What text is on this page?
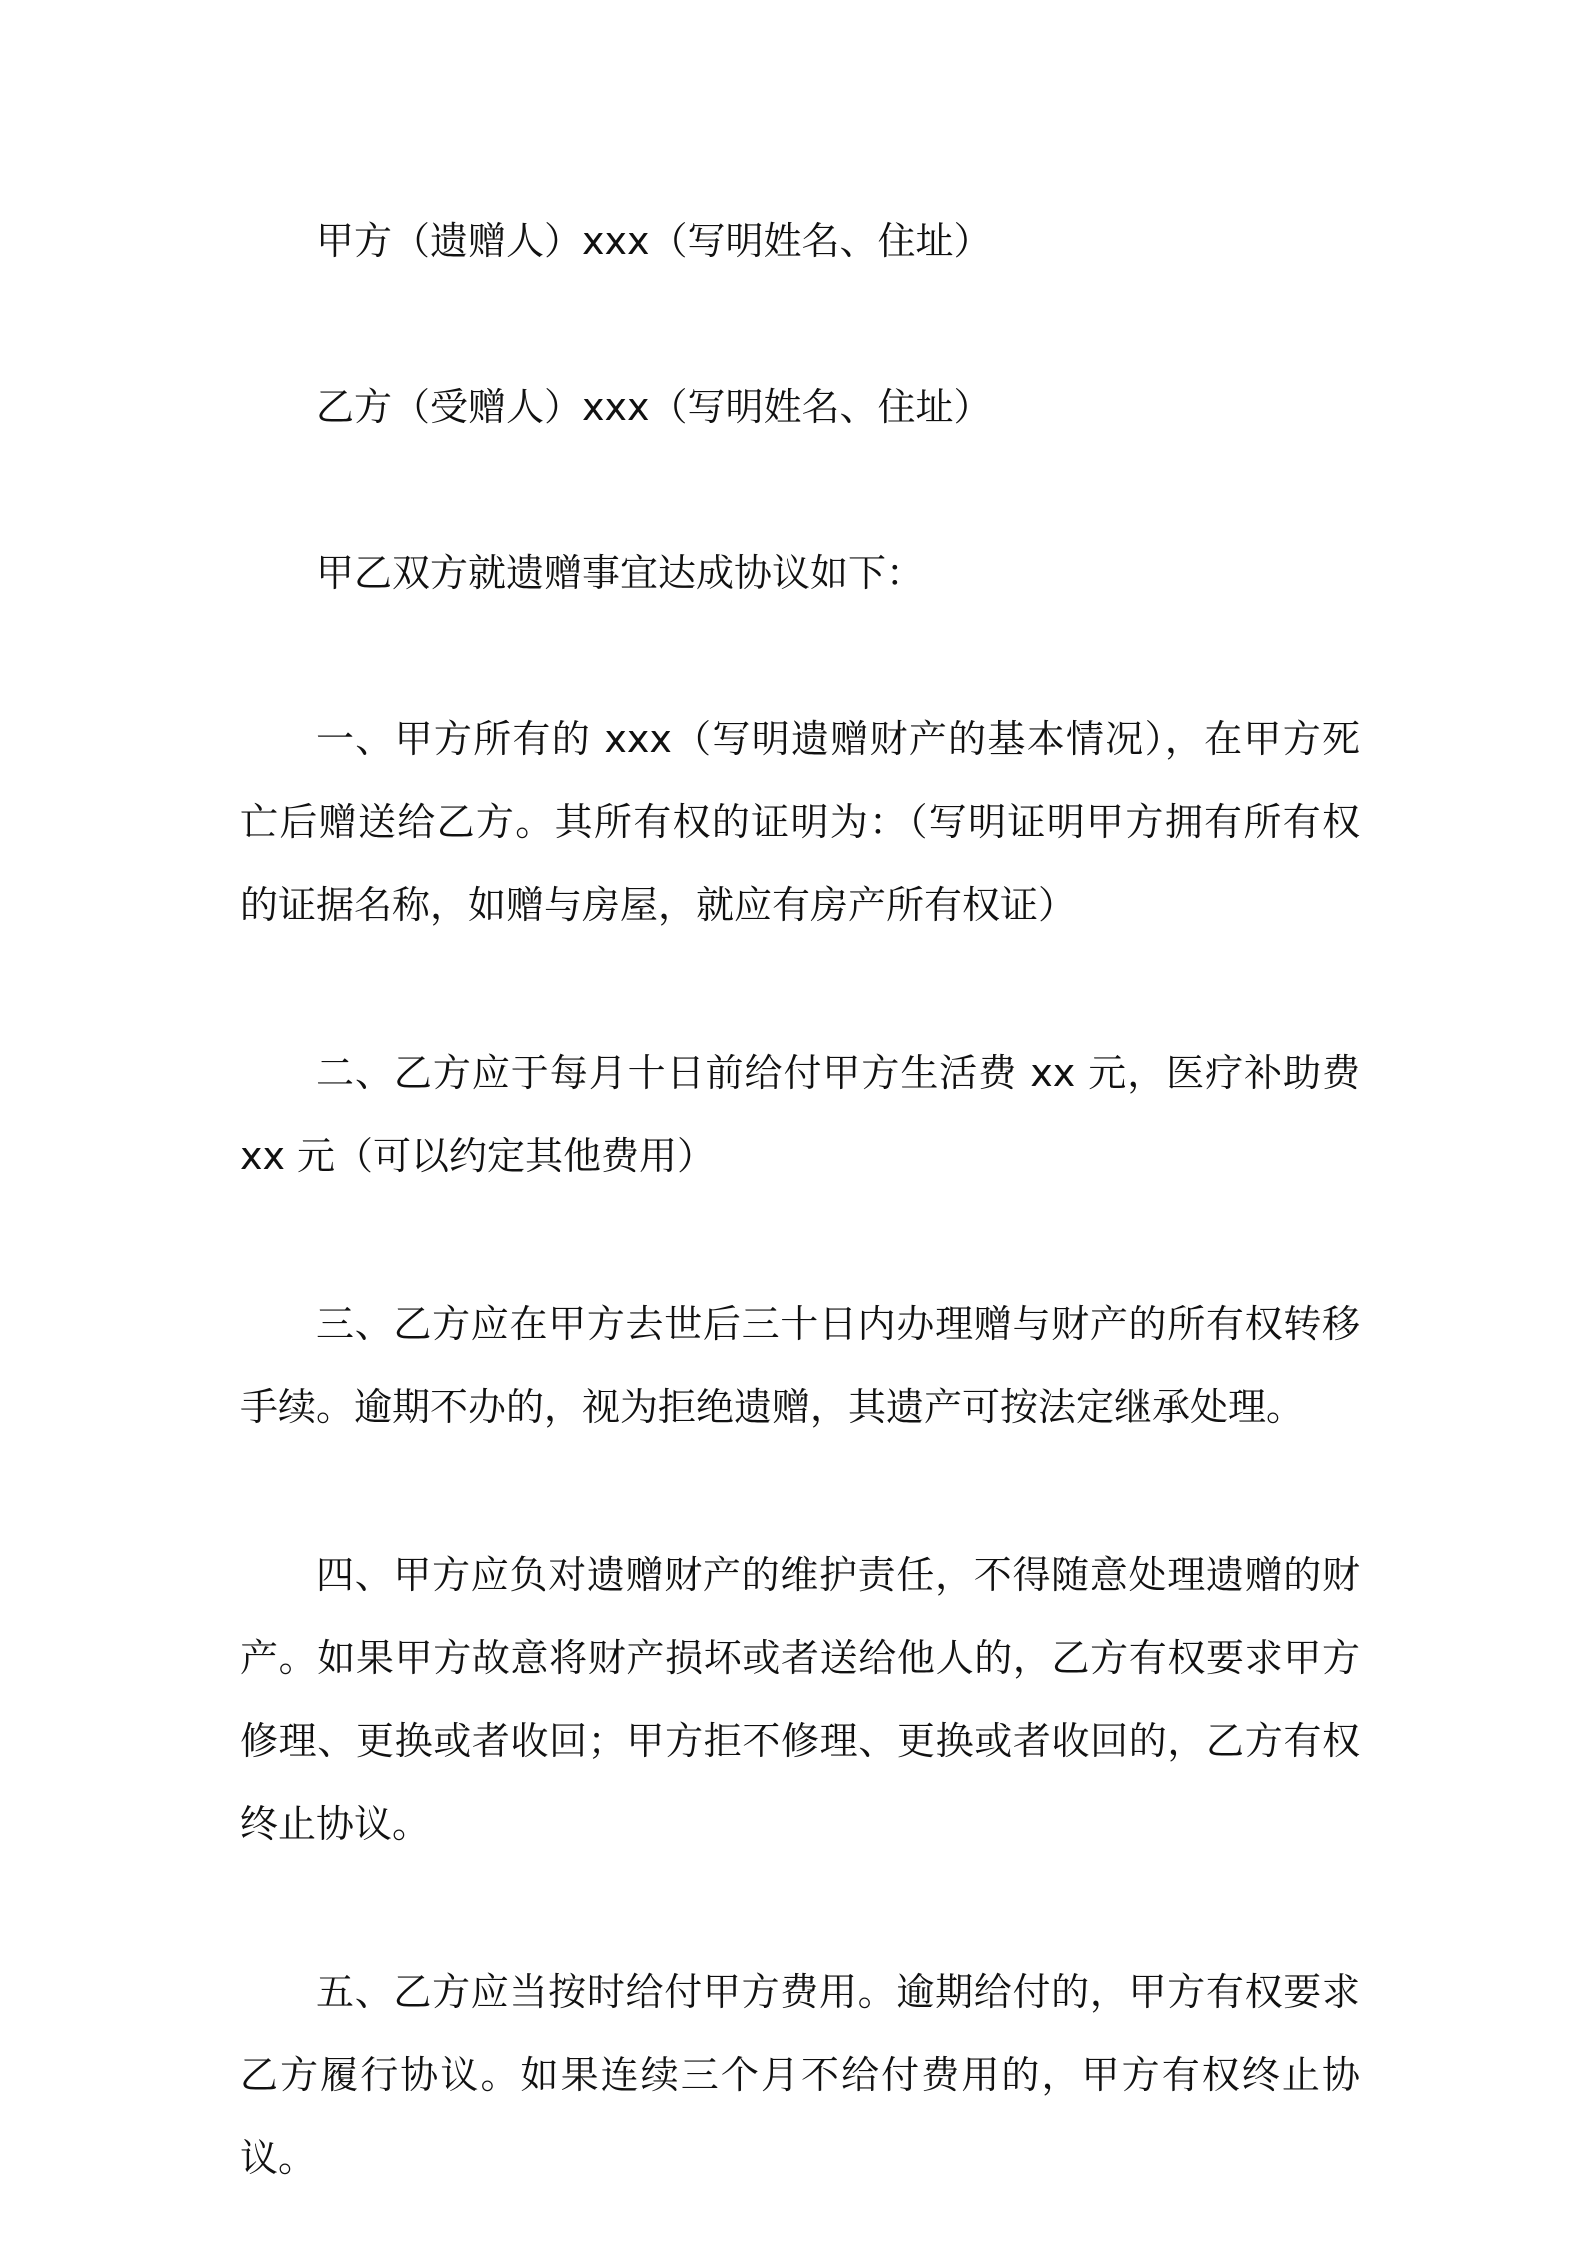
甲方（遗赠人）xxx（写明姓名、住址）

乙方（受赠人）xxx（写明姓名、住址）

甲乙双方就遗赠事宜达成协议如下：

一、甲方所有的 xxx（写明遗赠财产的基本情况），在甲方死亡后赠送给乙方。其所有权的证明为：（写明证明甲方拥有所有权的证据名称，如赠与房屋，就应有房产所有权证）

二、乙方应于每月十日前给付甲方生活费 xx 元，医疗补助费 xx 元（可以约定其他费用）

三、乙方应在甲方去世后三十日内办理赠与财产的所有权转移手续。逾期不办的，视为拒绝遗赠，其遗产可按法定继承处理。

四、甲方应负对遗赠财产的维护责任，不得随意处理遗赠的财产。如果甲方故意将财产损坏或者送给他人的，乙方有权要求甲方修理、更换或者收回；甲方拒不修理、更换或者收回的，乙方有权终止协议。

五、乙方应当按时给付甲方费用。逾期给付的，甲方有权要求乙方履行协议。如果连续三个月不给付费用的，甲方有权终止协议。
